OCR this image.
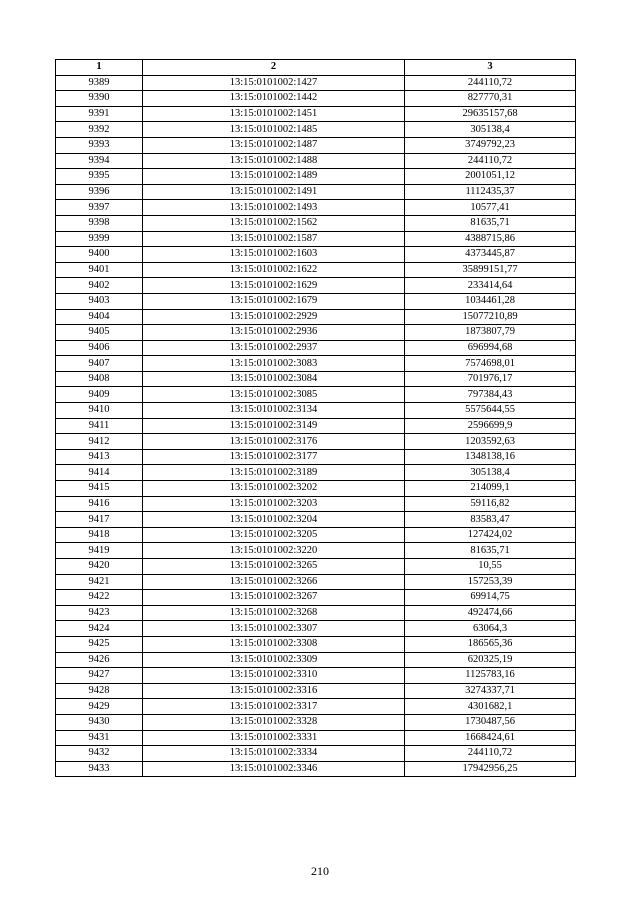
1	2	3
9389	13:15:0101002:1427	244110,72
9390	13:15:0101002:1442	827770,31
9391	13:15:0101002:1451	29635157,68
9392	13:15:0101002:1485	305138,4
9393	13:15:0101002:1487	3749792,23
9394	13:15:0101002:1488	244110,72
9395	13:15:0101002:1489	2001051,12
9396	13:15:0101002:1491	1112435,37
9397	13:15:0101002:1493	10577,41
9398	13:15:0101002:1562	81635,71
9399	13:15:0101002:1587	4388715,86
9400	13:15:0101002:1603	4373445,87
9401	13:15:0101002:1622	35899151,77
9402	13:15:0101002:1629	233414,64
9403	13:15:0101002:1679	1034461,28
9404	13:15:0101002:2929	15077210,89
9405	13:15:0101002:2936	1873807,79
9406	13:15:0101002:2937	696994,68
9407	13:15:0101002:3083	7574698,01
9408	13:15:0101002:3084	701976,17
9409	13:15:0101002:3085	797384,43
9410	13:15:0101002:3134	5575644,55
9411	13:15:0101002:3149	2596699,9
9412	13:15:0101002:3176	1203592,63
9413	13:15:0101002:3177	1348138,16
9414	13:15:0101002:3189	305138,4
9415	13:15:0101002:3202	214099,1
9416	13:15:0101002:3203	59116,82
9417	13:15:0101002:3204	83583,47
9418	13:15:0101002:3205	127424,02
9419	13:15:0101002:3220	81635,71
9420	13:15:0101002:3265	10,55
9421	13:15:0101002:3266	157253,39
9422	13:15:0101002:3267	69914,75
9423	13:15:0101002:3268	492474,66
9424	13:15:0101002:3307	63064,3
9425	13:15:0101002:3308	186565,36
9426	13:15:0101002:3309	620325,19
9427	13:15:0101002:3310	1125783,16
9428	13:15:0101002:3316	3274337,71
9429	13:15:0101002:3317	4301682,1
9430	13:15:0101002:3328	1730487,56
9431	13:15:0101002:3331	1668424,61
9432	13:15:0101002:3334	244110,72
9433	13:15:0101002:3346	17942956,25
210
